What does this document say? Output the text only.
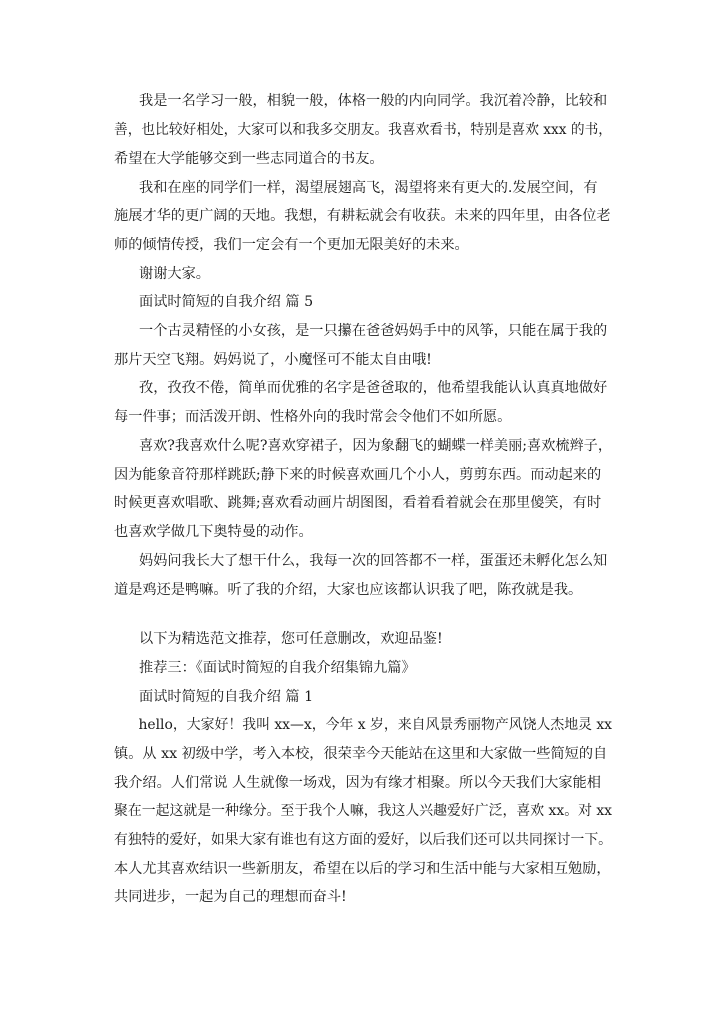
我是一名学习一般，相貌一般，体格一般的内向同学。我沉着冷静，比较和
善，也比较好相处，大家可以和我多交朋友。我喜欢看书，特别是喜欢 xxx 的书，
希望在大学能够交到一些志同道合的书友。
我和在座的同学们一样，渴望展翅高飞，渴望将来有更大的.发展空间，有
施展才华的更广阔的天地。我想，有耕耘就会有收获。未来的四年里，由各位老
师的倾情传授，我们一定会有一个更加无限美好的未来。
谢谢大家。
面试时简短的自我介绍 篇 5
一个古灵精怪的小女孩，是一只攥在爸爸妈妈手中的风筝，只能在属于我的
那片天空飞翔。妈妈说了，小魔怪可不能太自由哦!
孜，孜孜不倦，简单而优雅的名字是爸爸取的，他希望我能认认真真地做好
每一件事；而活泼开朗、性格外向的我时常会令他们不如所愿。
喜欢?我喜欢什么呢?喜欢穿裙子，因为象翻飞的蝴蝶一样美丽;喜欢梳辫子，
因为能象音符那样跳跃;静下来的时候喜欢画几个小人，剪剪东西。而动起来的
时候更喜欢唱歌、跳舞;喜欢看动画片胡图图，看着看着就会在那里傻笑，有时
也喜欢学做几下奥特曼的动作。
妈妈问我长大了想干什么，我每一次的回答都不一样，蛋蛋还未孵化怎么知
道是鸡还是鸭嘛。听了我的介绍，大家也应该都认识我了吧，陈孜就是我。
以下为精选范文推荐，您可任意删改，欢迎品鉴!
推荐三：《面试时简短的自我介绍集锦九篇》
面试时简短的自我介绍 篇 1
hello，大家好！我叫 xx—x，今年 x 岁，来自风景秀丽物产风饶人杰地灵 xx
镇。从 xx 初级中学，考入本校，很荣幸今天能站在这里和大家做一些简短的自
我介绍。人们常说 人生就像一场戏，因为有缘才相聚。所以今天我们大家能相
聚在一起这就是一种缘分。至于我个人嘛，我这人兴趣爱好广泛，喜欢 xx。对 xx
有独特的爱好，如果大家有谁也有这方面的爱好，以后我们还可以共同探讨一下。
本人尤其喜欢结识一些新朋友，希望在以后的学习和生活中能与大家相互勉励，
共同进步，一起为自己的理想而奋斗!
